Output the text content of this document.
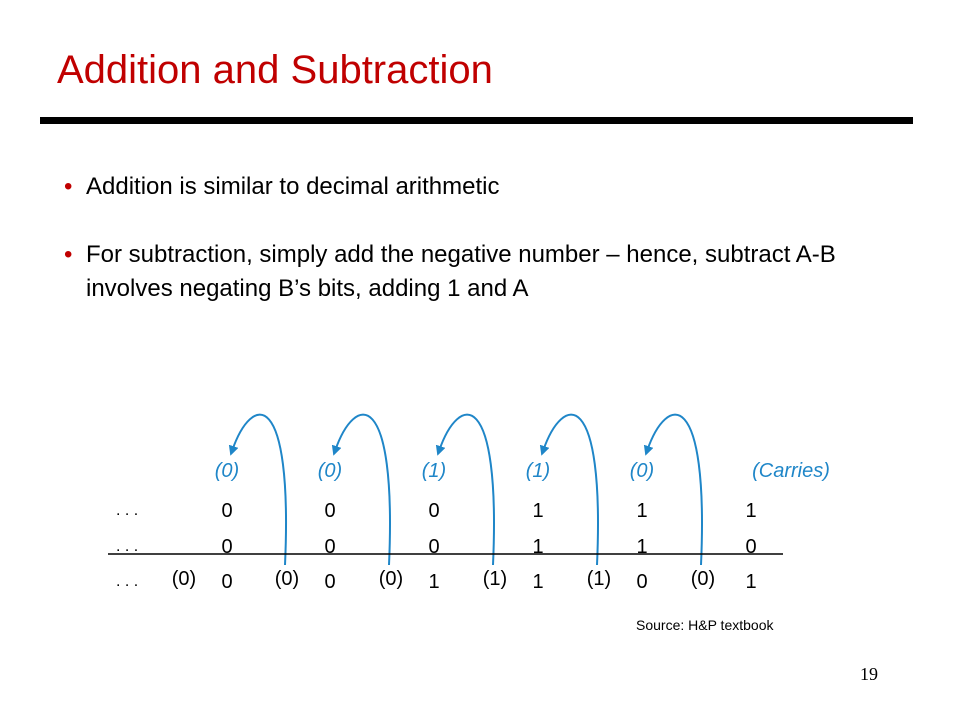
Addition and Subtraction
• Addition is similar to decimal arithmetic
• For subtraction, simply add the negative number – hence, subtract A-B involves negating B’s bits, adding 1 and A
. . .
. . .
. . .
(0)	(0)	(1)	(1)	(0)	(Carries)
0	0	0	1	1	1
0	0	0	1	1	0
0	0	1	1	0	1
(0)	(0)	(0)	(1)	(1)	(0)
Source: H&P textbook
19
